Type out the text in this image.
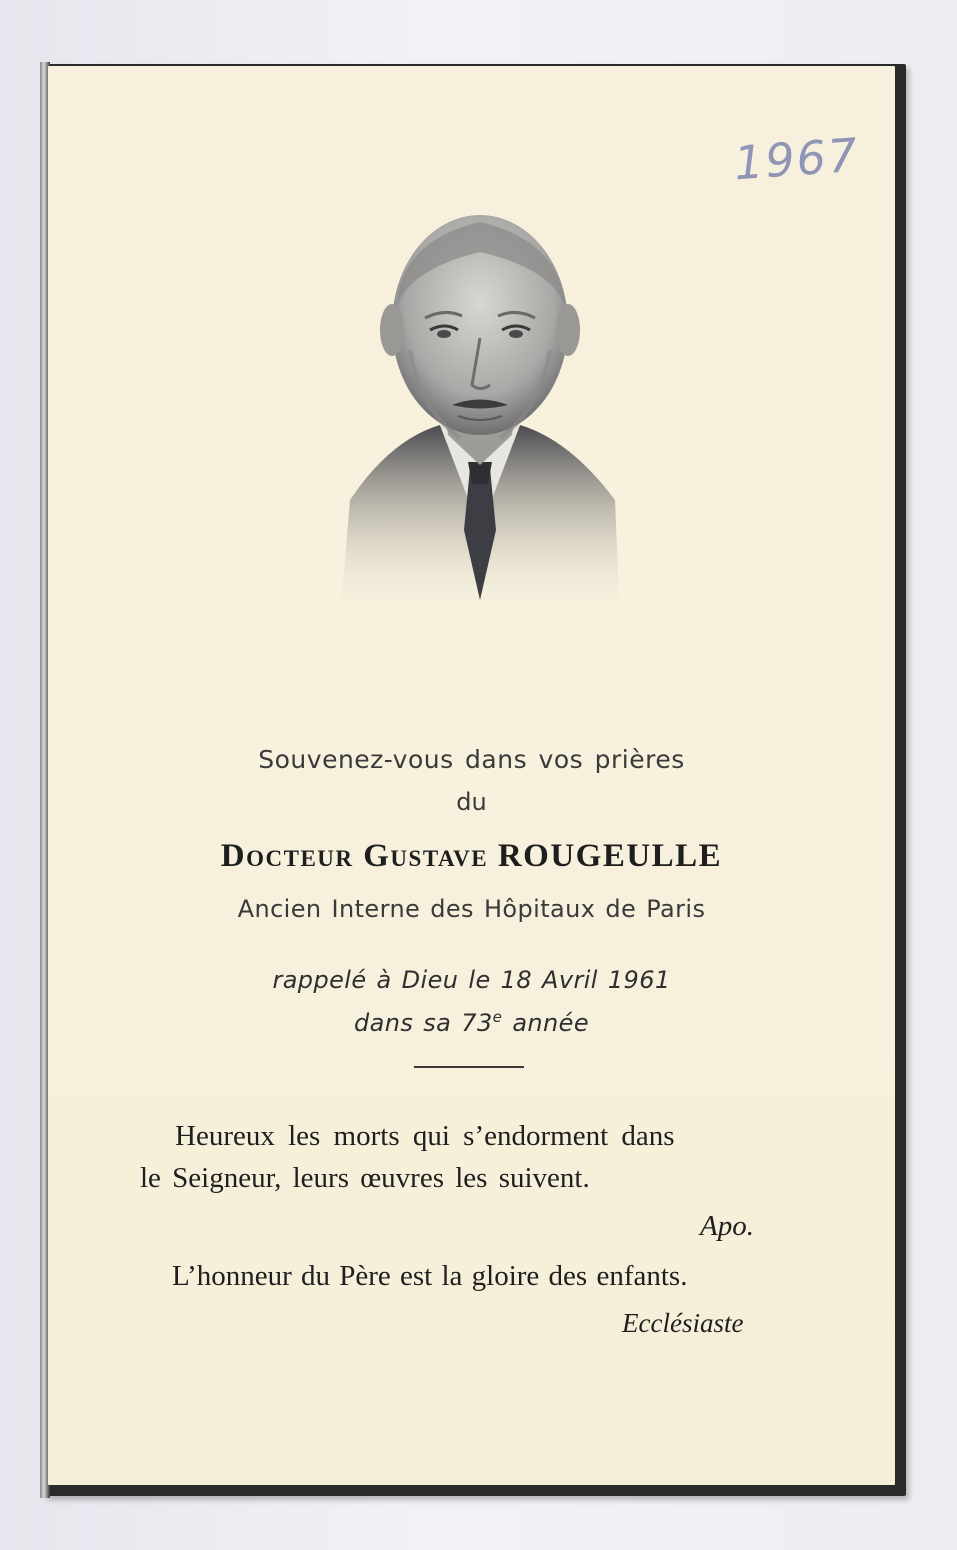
1967
Souvenez-vous dans vos prières
du
Docteur Gustave ROUGEULLE
Ancien Interne des Hôpitaux de Paris
rappelé à Dieu le 18 Avril 1961
dans sa 73e année
Heureux les morts qui s’endorment dans
le Seigneur, leurs œuvres les suivent.
Apo.
L’honneur du Père est la gloire des enfants.
Ecclésiaste
